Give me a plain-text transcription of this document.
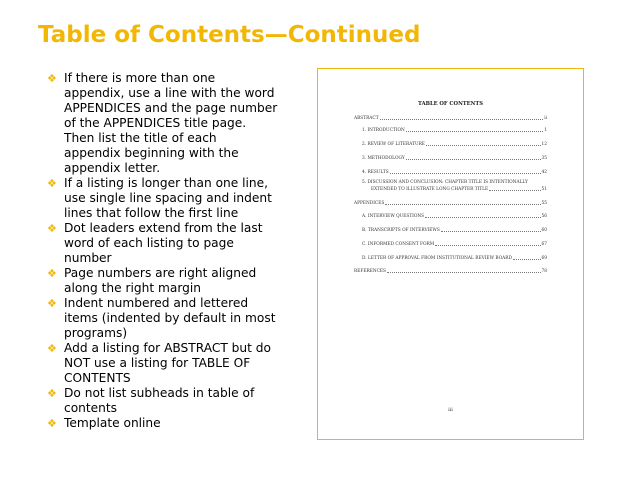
Table of Contents—Continued
❖ If there is more than one
appendix, use a line with the word
APPENDICES and the page number
of the APPENDICES title page.
Then list the title of each
appendix beginning with the
appendix letter.
❖ If a listing is longer than one line,
use single line spacing and indent
lines that follow the first line
❖ Dot leaders extend from the last
word of each listing to page
number
❖ Page numbers are right aligned
along the right margin
❖ Indent numbered and lettered
items (indented by default in most
programs)
❖ Add a listing for ABSTRACT but do
NOT use a listing for TABLE OF
CONTENTS
❖ Do not list subheads in table of
contents
❖ Template online
TABLE OF CONTENTS
ABSTRACT	ii
1. INTRODUCTION	1
2. REVIEW OF LITERATURE	12
3. METHODOLOGY	35
4. RESULTS	42
5. DISCUSSION AND CONCLUSION: CHAPTER TITLE IS INTENTIONALLY
EXTENDED TO ILLUSTRATE LONG CHAPTER TITLE	51
APPENDICES	55
A. INTERVIEW QUESTIONS	56
B. TRANSCRIPTS OF INTERVIEWS	60
C. INFORMED CONSENT FORM	67
D. LETTER OF APPROVAL FROM INSTITUTIONAL REVIEW BOARD	69
REFERENCES	78
iii
